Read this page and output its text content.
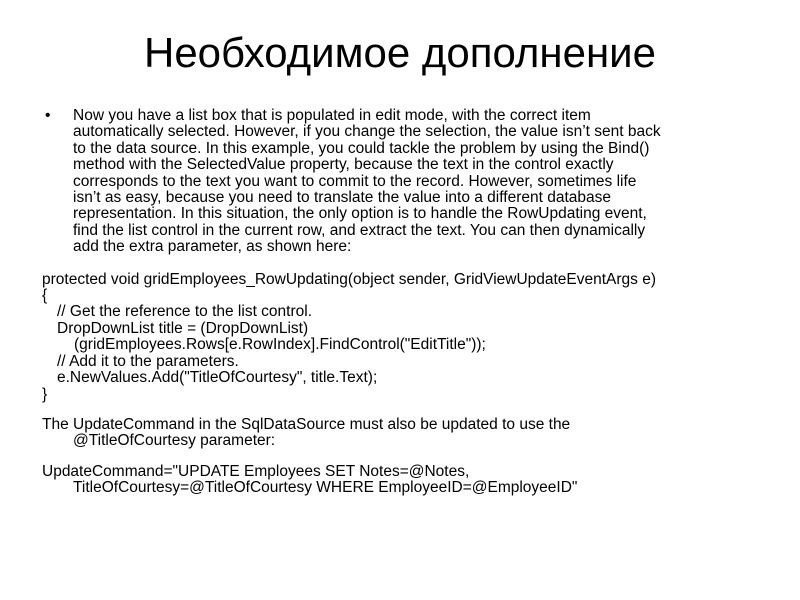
Необходимое дополнение
• Now you have a list box that is populated in edit mode, with the correct item
automatically selected. However, if you change the selection, the value isn’t sent back
to the data source. In this example, you could tackle the problem by using the Bind()
method with the SelectedValue property, because the text in the control exactly
corresponds to the text you want to commit to the record. However, sometimes life
isn’t as easy, because you need to translate the value into a different database
representation. In this situation, the only option is to handle the RowUpdating event,
find the list control in the current row, and extract the text. You can then dynamically
add the extra parameter, as shown here:

protected void gridEmployees_RowUpdating(object sender, GridViewUpdateEventArgs e)

{

// Get the reference to the list control.

DropDownList title = (DropDownList)
(gridEmployees.Rows[e.RowIndex].FindControl("EditTitle"));

// Add it to the parameters.

e.NewValues.Add("TitleOfCourtesy", title.Text);

}

The UpdateCommand in the SqlDataSource must also be updated to use the
@TitleOfCourtesy parameter:

UpdateCommand="UPDATE Employees SET Notes=@Notes,
TitleOfCourtesy=@TitleOfCourtesy WHERE EmployeeID=@EmployeeID"
